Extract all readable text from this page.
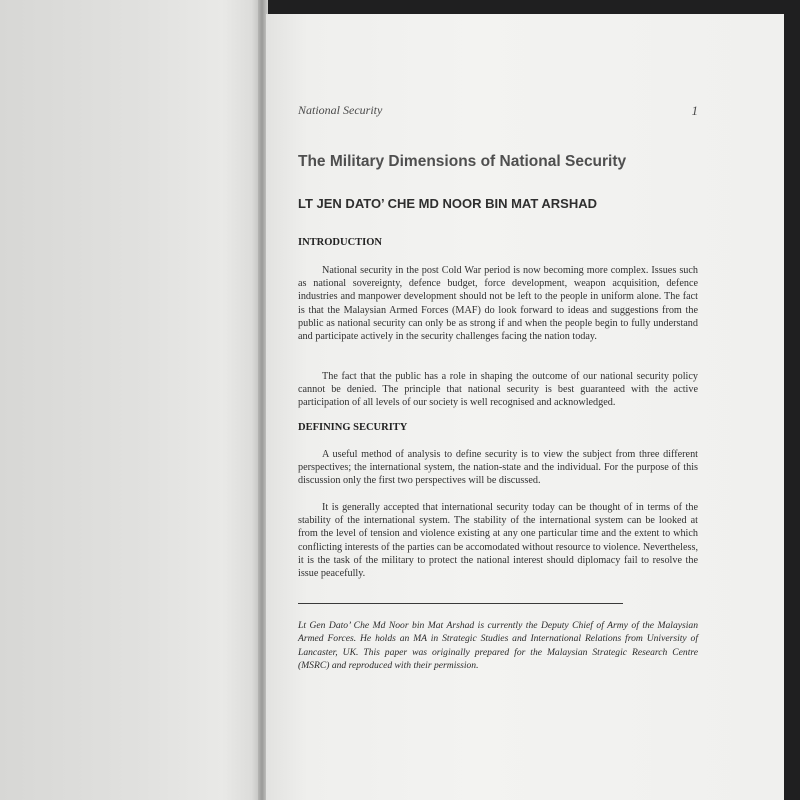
National Security	1
The Military Dimensions of National Security
LT JEN DATO’ CHE MD NOOR BIN MAT ARSHAD
INTRODUCTION

National security in the post Cold War period is now becoming more complex. Issues such as national sovereignty, defence budget, force development, weapon acquisition, defence industries and manpower development should not be left to the people in uniform alone. The fact is that the Malaysian Armed Forces (MAF) do look forward to ideas and suggestions from the public as national security can only be as strong if and when the people begin to fully understand and participate actively in the security challenges facing the nation today.

The fact that the public has a role in shaping the outcome of our national security policy cannot be denied. The principle that national security is best guaranteed with the active participation of all levels of our society is well recognised and acknowledged.

DEFINING SECURITY

A useful method of analysis to define security is to view the subject from three different perspectives; the international system, the nation-state and the individual. For the purpose of this discussion only the first two perspectives will be discussed.

It is generally accepted that international security today can be thought of in terms of the stability of the international system. The stability of the international system can be looked at from the level of tension and violence existing at any one particular time and the extent to which conflicting interests of the parties can be accomodated without resource to violence. Nevertheless, it is the task of the military to protect the national interest should diplomacy fail to resolve the issue peacefully.

Lt Gen Dato’ Che Md Noor bin Mat Arshad is currently the Deputy Chief of Army of the Malaysian Armed Forces. He holds an MA in Strategic Studies and International Relations from University of Lancaster, UK. This paper was originally prepared for the Malaysian Strategic Research Centre (MSRC) and reproduced with their permission.
